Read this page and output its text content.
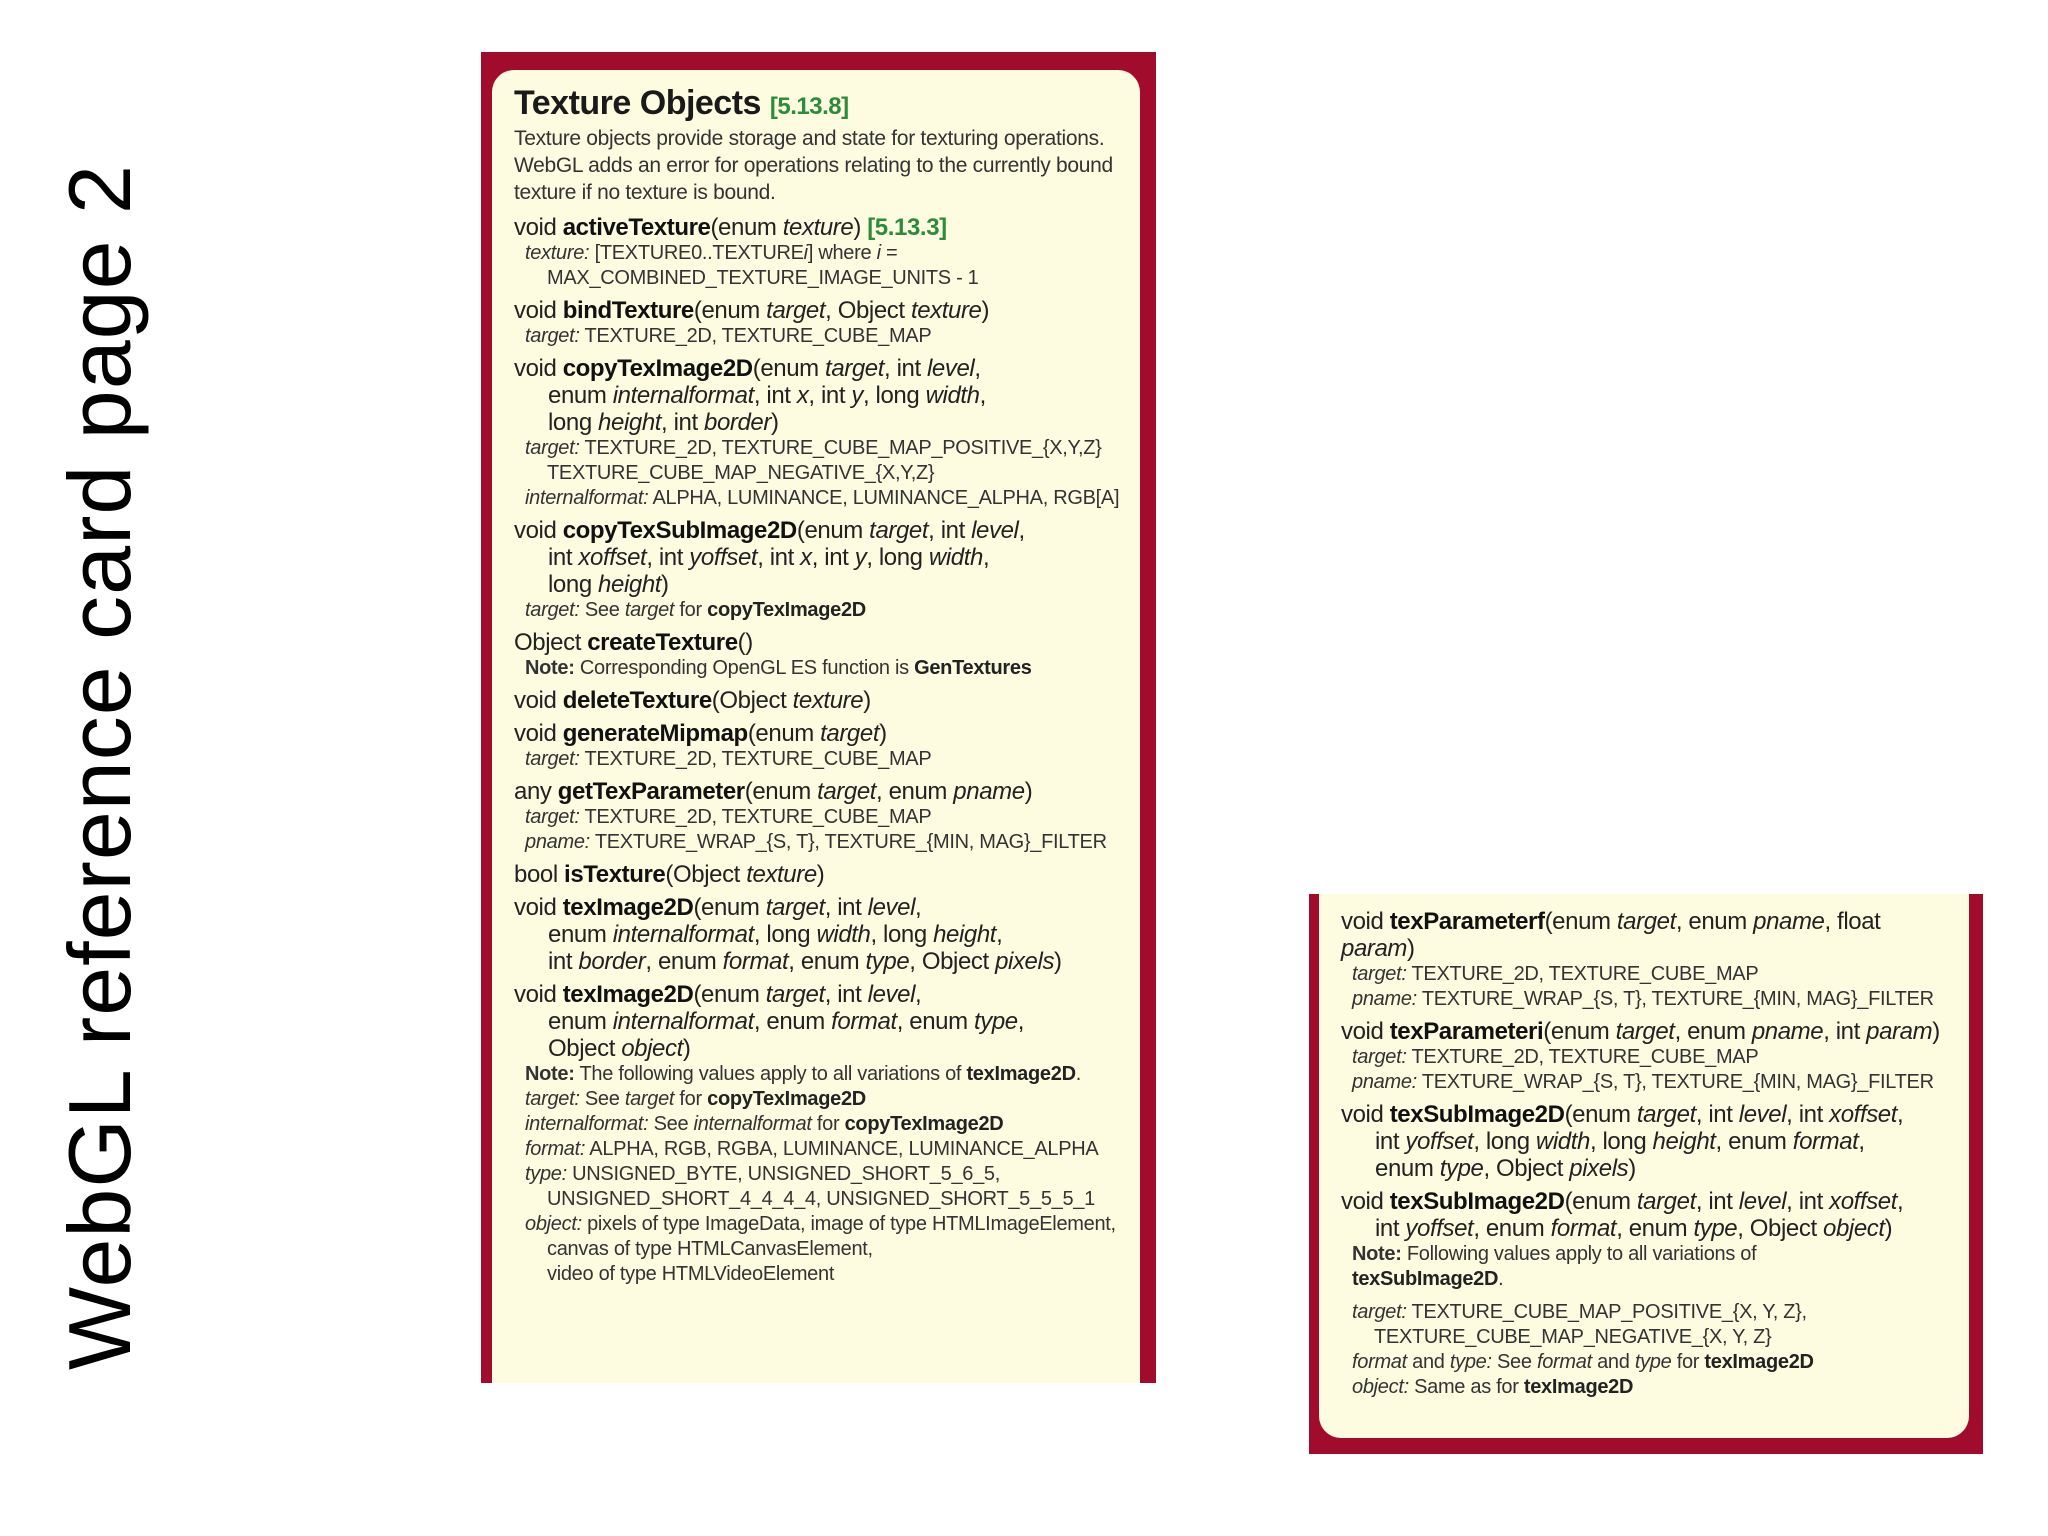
WebGL reference card page 2
Texture Objects [5.13.8]
Texture objects provide storage and state for texturing operations. WebGL adds an error for operations relating to the currently bound texture if no texture is bound.
void activeTexture(enum texture) [5.13.3]
texture: [TEXTURE0..TEXTUREi] where i =
MAX_COMBINED_TEXTURE_IMAGE_UNITS - 1
void bindTexture(enum target, Object texture)
target: TEXTURE_2D, TEXTURE_CUBE_MAP
void copyTexImage2D(enum target, int level,
enum internalformat, int x, int y, long width,
long height, int border)
target: TEXTURE_2D, TEXTURE_CUBE_MAP_POSITIVE_{X,Y,Z}
TEXTURE_CUBE_MAP_NEGATIVE_{X,Y,Z}
internalformat: ALPHA, LUMINANCE, LUMINANCE_ALPHA, RGB[A]
void copyTexSubImage2D(enum target, int level,
int xoffset, int yoffset, int x, int y, long width,
long height)
target: See target for copyTexImage2D
Object createTexture()
Note: Corresponding OpenGL ES function is GenTextures
void deleteTexture(Object texture)
void generateMipmap(enum target)
target: TEXTURE_2D, TEXTURE_CUBE_MAP
any getTexParameter(enum target, enum pname)
target: TEXTURE_2D, TEXTURE_CUBE_MAP
pname: TEXTURE_WRAP_{S, T}, TEXTURE_{MIN, MAG}_FILTER
bool isTexture(Object texture)
void texImage2D(enum target, int level,
enum internalformat, long width, long height,
int border, enum format, enum type, Object pixels)
void texImage2D(enum target, int level,
enum internalformat, enum format, enum type,
Object object)
Note: The following values apply to all variations of texImage2D.
target: See target for copyTexImage2D
internalformat: See internalformat for copyTexImage2D
format: ALPHA, RGB, RGBA, LUMINANCE, LUMINANCE_ALPHA
type: UNSIGNED_BYTE, UNSIGNED_SHORT_5_6_5,
UNSIGNED_SHORT_4_4_4_4, UNSIGNED_SHORT_5_5_5_1
object: pixels of type ImageData, image of type HTMLImageElement,
canvas of type HTMLCanvasElement,
video of type HTMLVideoElement
void texParameterf(enum target, enum pname, float param)
target: TEXTURE_2D, TEXTURE_CUBE_MAP
pname: TEXTURE_WRAP_{S, T}, TEXTURE_{MIN, MAG}_FILTER
void texParameteri(enum target, enum pname, int param)
target: TEXTURE_2D, TEXTURE_CUBE_MAP
pname: TEXTURE_WRAP_{S, T}, TEXTURE_{MIN, MAG}_FILTER
void texSubImage2D(enum target, int level, int xoffset,
int yoffset, long width, long height, enum format,
enum type, Object pixels)
void texSubImage2D(enum target, int level, int xoffset,
int yoffset, enum format, enum type, Object object)
Note: Following values apply to all variations of
texSubImage2D.
target: TEXTURE_CUBE_MAP_POSITIVE_{X, Y, Z},
TEXTURE_CUBE_MAP_NEGATIVE_{X, Y, Z}
format and type: See format and type for texImage2D
object: Same as for texImage2D
